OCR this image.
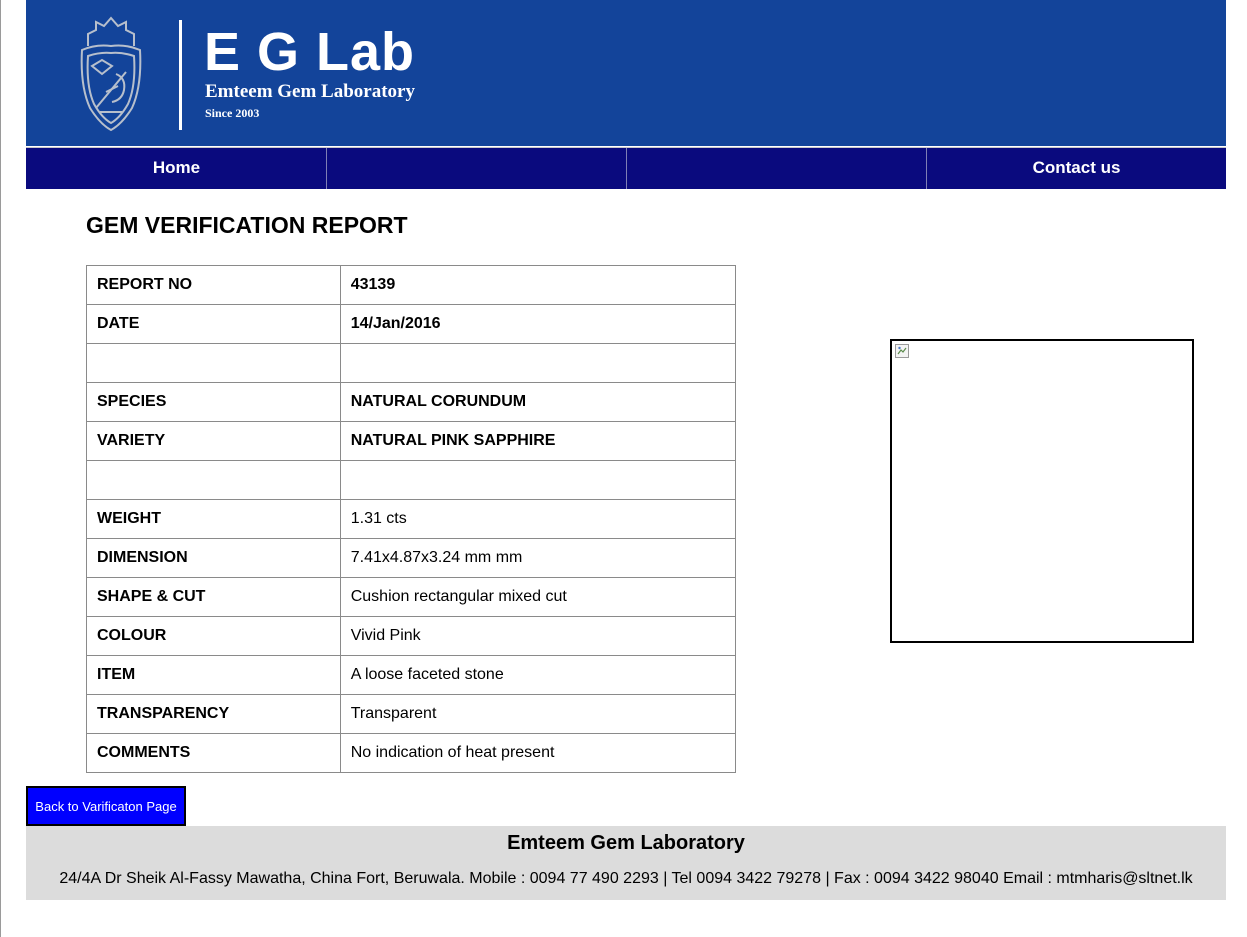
E G Lab
Emteem Gem Laboratory
Since 2003
Home	Contact us
GEM VERIFICATION REPORT
REPORT NO	43139
DATE	14/Jan/2016

SPECIES	NATURAL CORUNDUM
VARIETY	NATURAL PINK SAPPHIRE

WEIGHT	1.31 cts
DIMENSION	7.41x4.87x3.24 mm mm
SHAPE & CUT	Cushion rectangular mixed cut
COLOUR	Vivid Pink
ITEM	A loose faceted stone
TRANSPARENCY	Transparent
COMMENTS	No indication of heat present
Back to Varificaton Page
Emteem Gem Laboratory
24/4A Dr Sheik Al-Fassy Mawatha, China Fort, Beruwala. Mobile : 0094 77 490 2293 | Tel 0094 3422 79278 | Fax : 0094 3422 98040 Email : mtmharis@sltnet.lk
